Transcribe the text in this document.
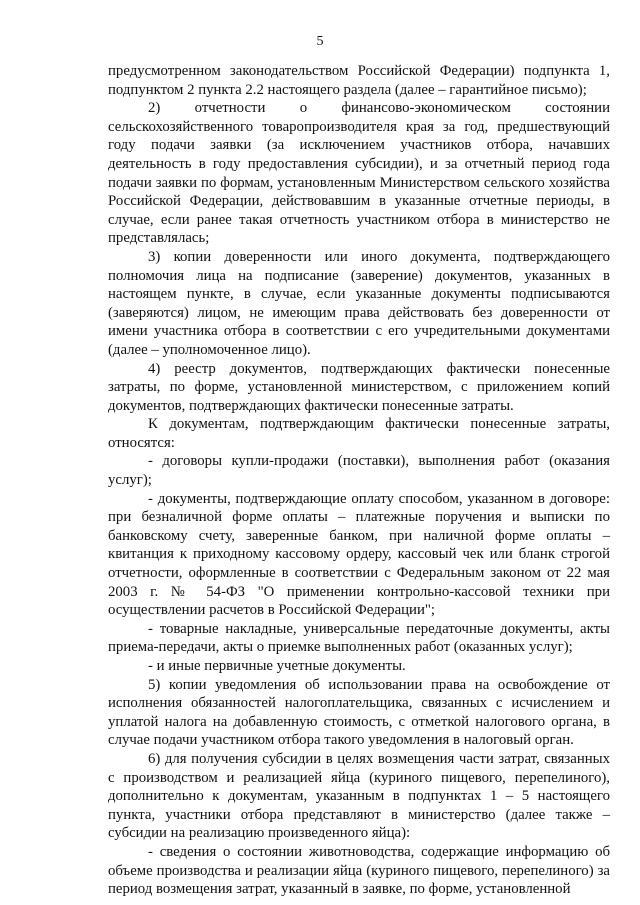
5

предусмотренном законодательством Российской Федерации) подпункта 1, подпунктом 2 пункта 2.2 настоящего раздела (далее – гарантийное письмо);

2) отчетности о финансово-экономическом состоянии сельскохозяйственного товаропроизводителя края за год, предшествующий году подачи заявки (за исключением участников отбора, начавших деятельность в году предоставления субсидии), и за отчетный период года подачи заявки по формам, установленным Министерством сельского хозяйства Российской Федерации, действовавшим в указанные отчетные периоды, в случае, если ранее такая отчетность участником отбора в министерство не представлялась;

3) копии доверенности или иного документа, подтверждающего полномочия лица на подписание (заверение) документов, указанных в настоящем пункте, в случае, если указанные документы подписываются (заверяются) лицом, не имеющим права действовать без доверенности от имени участника отбора в соответствии с его учредительными документами (далее – уполномоченное лицо).

4) реестр документов, подтверждающих фактически понесенные затраты, по форме, установленной министерством, с приложением копий документов, подтверждающих фактически понесенные затраты.

К документам, подтверждающим фактически понесенные затраты, относятся:

- договоры купли-продажи (поставки), выполнения работ (оказания услуг);

- документы, подтверждающие оплату способом, указанном в договоре: при безналичной форме оплаты – платежные поручения и выписки по банковскому счету, заверенные банком, при наличной форме оплаты – квитанция к приходному кассовому ордеру, кассовый чек или бланк строгой отчетности, оформленные в соответствии с Федеральным законом от 22 мая 2003 г. № 54-ФЗ "О применении контрольно-кассовой техники при осуществлении расчетов в Российской Федерации";

- товарные накладные, универсальные передаточные документы, акты приема-передачи, акты о приемке выполненных работ (оказанных услуг);

- и иные первичные учетные документы.

5) копии уведомления об использовании права на освобождение от исполнения обязанностей налогоплательщика, связанных с исчислением и уплатой налога на добавленную стоимость, с отметкой налогового органа, в случае подачи участником отбора такого уведомления в налоговый орган.

6) для получения субсидии в целях возмещения части затрат, связанных с производством и реализацией яйца (куриного пищевого, перепелиного), дополнительно к документам, указанным в подпунктах 1 – 5 настоящего пункта, участники отбора представляют в министерство (далее также – субсидии на реализацию произведенного яйца):

- сведения о состоянии животноводства, содержащие информацию об объеме производства и реализации яйца (куриного пищевого, перепелиного) за период возмещения затрат, указанный в заявке, по форме, установленной
